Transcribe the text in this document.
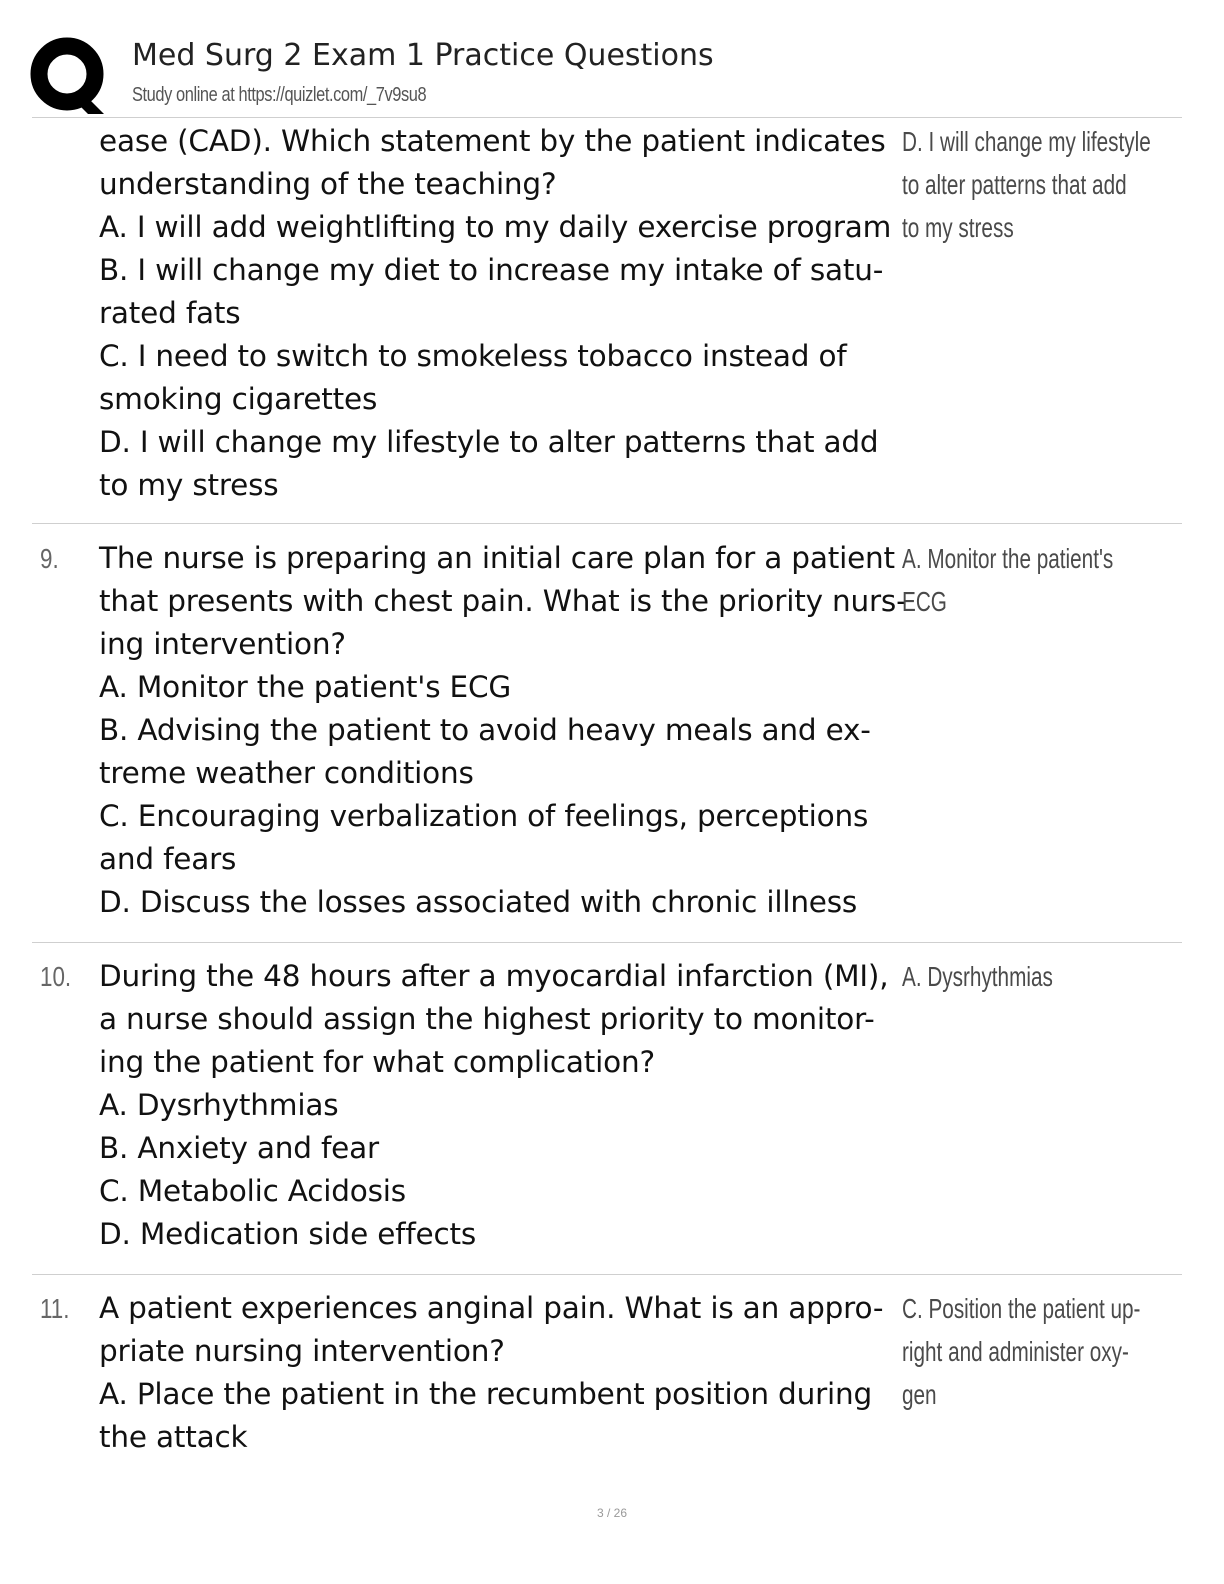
Med Surg 2 Exam 1 Practice Questions
Study online at https://quizlet.com/_7v9su8
ease (CAD). Which statement by the patient indicates
understanding of the teaching?
A. I will add weightlifting to my daily exercise program
B. I will change my diet to increase my intake of satu-
rated fats
C. I need to switch to smokeless tobacco instead of
smoking cigarettes
D. I will change my lifestyle to alter patterns that add
to my stress
D. I will change my lifestyle
to alter patterns that add
to my stress
9. The nurse is preparing an initial care plan for a patient
that presents with chest pain. What is the priority nurs-
ing intervention?
A. Monitor the patient's ECG
B. Advising the patient to avoid heavy meals and ex-
treme weather conditions
C. Encouraging verbalization of feelings, perceptions
and fears
D. Discuss the losses associated with chronic illness
A. Monitor the patient's
ECG
10. During the 48 hours after a myocardial infarction (MI),
a nurse should assign the highest priority to monitor-
ing the patient for what complication?
A. Dysrhythmias
B. Anxiety and fear
C. Metabolic Acidosis
D. Medication side effects
A. Dysrhythmias
11. A patient experiences anginal pain. What is an appro-
priate nursing intervention?
A. Place the patient in the recumbent position during
the attack
C. Position the patient up-
right and administer oxy-
gen
3 / 26
